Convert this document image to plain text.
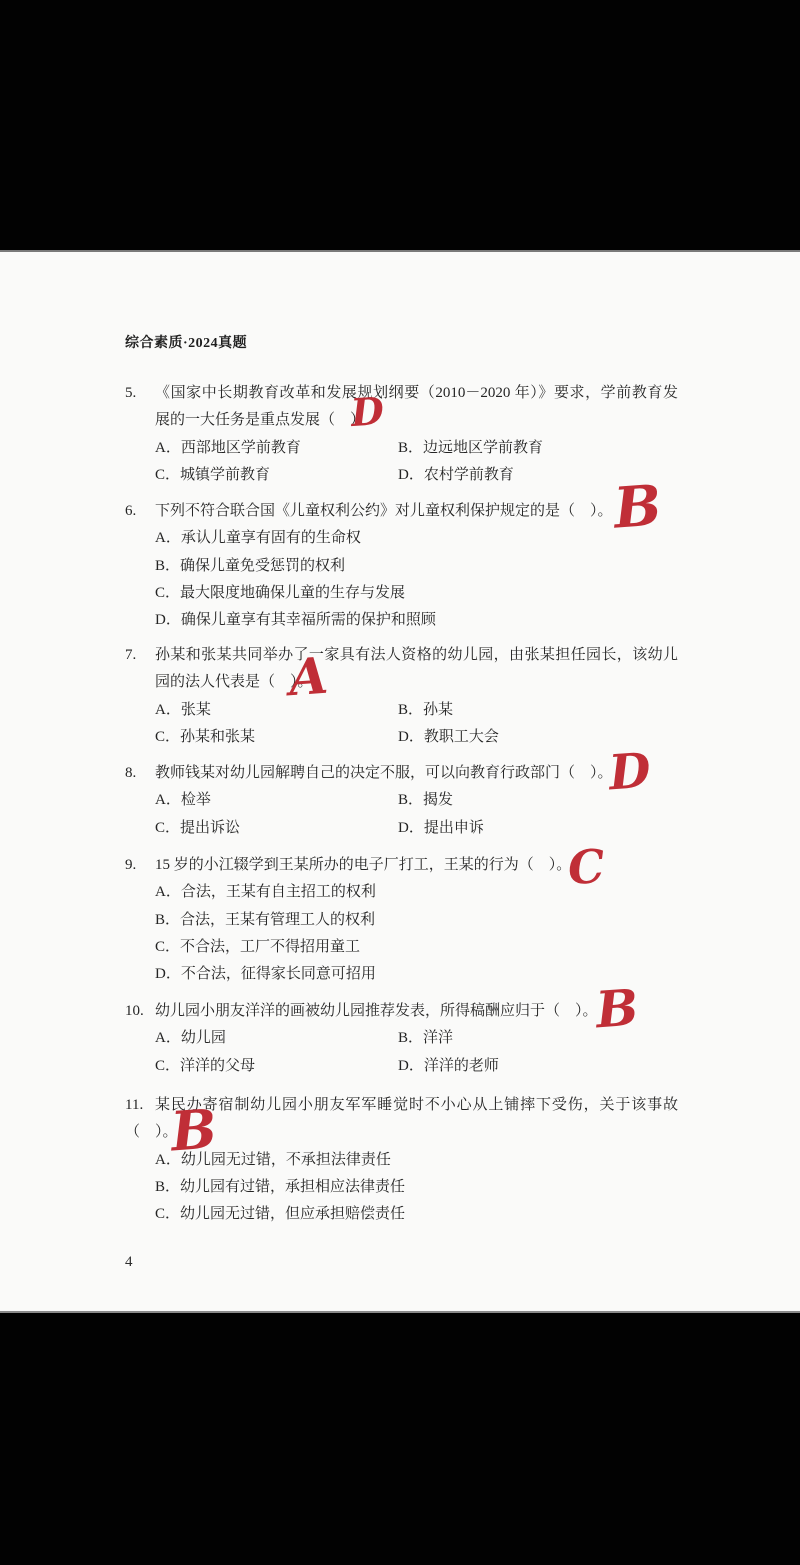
综合素质·2024真题
5.	《国家中长期教育改革和发展规划纲要（2010－2020 年）》要求，学前教育发
展的一大任务是重点发展（　）。
A．西部地区学前教育	B．边远地区学前教育
C．城镇学前教育	D．农村学前教育
D
6.	下列不符合联合国《儿童权利公约》对儿童权利保护规定的是（　）。
A．承认儿童享有固有的生命权
B．确保儿童免受惩罚的权利
C．最大限度地确保儿童的生存与发展
D．确保儿童享有其幸福所需的保护和照顾
B
7.	孙某和张某共同举办了一家具有法人资格的幼儿园，由张某担任园长，该幼儿
园的法人代表是（　）。
A．张某	B．孙某
C．孙某和张某	D．教职工大会
A
8.	教师钱某对幼儿园解聘自己的决定不服，可以向教育行政部门（　）。
A．检举	B．揭发
C．提出诉讼	D．提出申诉
D
9.	15 岁的小江辍学到王某所办的电子厂打工，王某的行为（　）。
A．合法，王某有自主招工的权利
B．合法，王某有管理工人的权利
C．不合法，工厂不得招用童工
D．不合法，征得家长同意可招用
C
10. 幼儿园小朋友洋洋的画被幼儿园推荐发表，所得稿酬应归于（　）。
A．幼儿园	B．洋洋
C．洋洋的父母	D．洋洋的老师
B
11. 某民办寄宿制幼儿园小朋友军军睡觉时不小心从上铺摔下受伤，关于该事故
（　）。
A．幼儿园无过错，不承担法律责任
B．幼儿园有过错，承担相应法律责任
C．幼儿园无过错，但应承担赔偿责任
B
4
